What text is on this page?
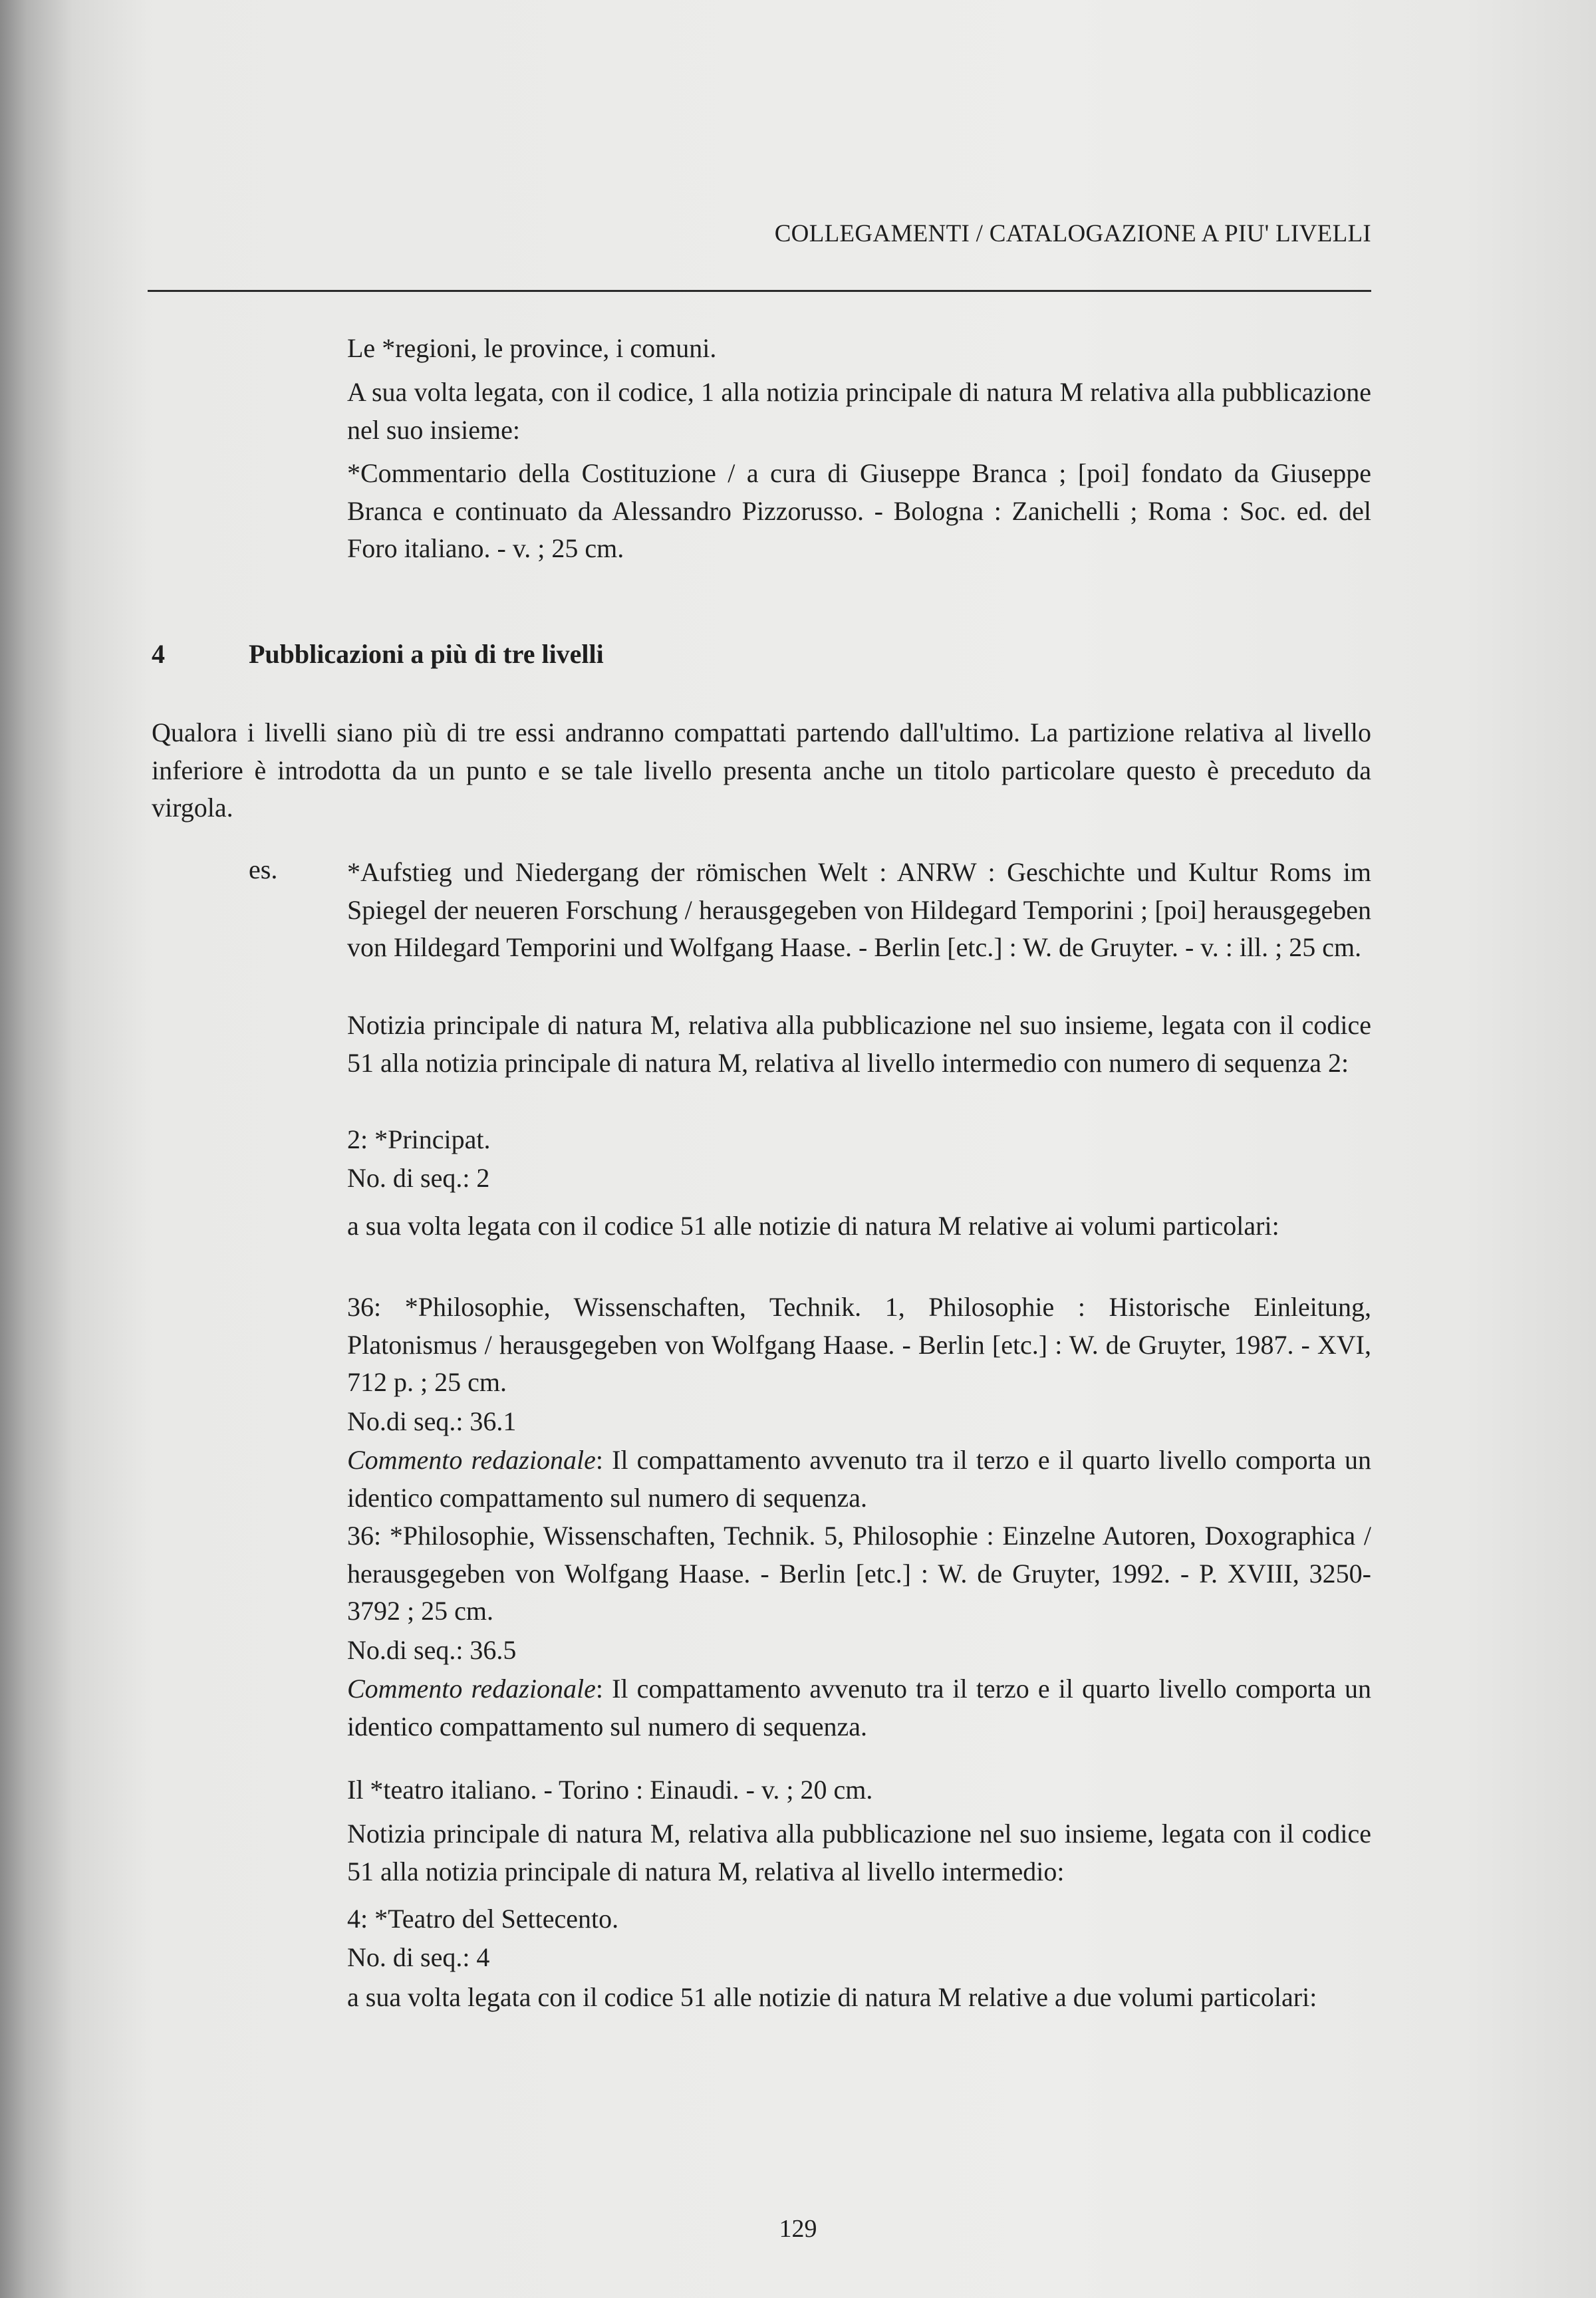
COLLEGAMENTI / CATALOGAZIONE A PIU' LIVELLI

Le *regioni, le province, i comuni.

A sua volta legata, con il codice, 1 alla notizia principale di natura M relativa alla pubblicazione nel suo insieme:

*Commentario della Costituzione / a cura di Giuseppe Branca ; [poi] fondato da Giuseppe Branca e continuato da Alessandro Pizzorusso. - Bologna : Zanichelli ; Roma : Soc. ed. del Foro italiano. - v. ; 25 cm.

4	Pubblicazioni a più di tre livelli

Qualora i livelli siano più di tre essi andranno compattati partendo dall'ultimo. La partizione relativa al livello inferiore è introdotta da un punto e se tale livello presenta anche un titolo particolare questo è preceduto da virgola.

es.	*Aufstieg und Niedergang der römischen Welt : ANRW : Geschichte und Kultur Roms im Spiegel der neueren Forschung / herausgegeben von Hildegard Temporini ; [poi] herausgegeben von Hildegard Temporini und Wolfgang Haase. - Berlin [etc.] : W. de Gruyter. - v. : ill. ; 25 cm.

Notizia principale di natura M, relativa alla pubblicazione nel suo insieme, legata con il codice 51 alla notizia principale di natura M, relativa al livello intermedio con numero di sequenza 2:

2: *Principat.

No. di seq.: 2

a sua volta legata con il codice 51 alle notizie di natura M relative ai volumi particolari:

36: *Philosophie, Wissenschaften, Technik. 1, Philosophie : Historische Einleitung, Platonismus / herausgegeben von Wolfgang Haase. - Berlin [etc.] : W. de Gruyter, 1987. - XVI, 712 p. ; 25 cm.

No.di seq.: 36.1

Commento redazionale: Il compattamento avvenuto tra il terzo e il quarto livello comporta un identico compattamento sul numero di sequenza.

36: *Philosophie, Wissenschaften, Technik. 5, Philosophie : Einzelne Autoren, Doxographica / herausgegeben von Wolfgang Haase. - Berlin [etc.] : W. de Gruyter, 1992. - P. XVIII, 3250-3792 ; 25 cm.

No.di seq.: 36.5

Commento redazionale: Il compattamento avvenuto tra il terzo e il quarto livello comporta un identico compattamento sul numero di sequenza.

Il *teatro italiano. - Torino : Einaudi. - v. ; 20 cm.

Notizia principale di natura M, relativa alla pubblicazione nel suo insieme, legata con il codice 51 alla notizia principale di natura M, relativa al livello intermedio:

4: *Teatro del Settecento.

No. di seq.: 4

a sua volta legata con il codice 51 alle notizie di natura M relative a due volumi particolari:

129
